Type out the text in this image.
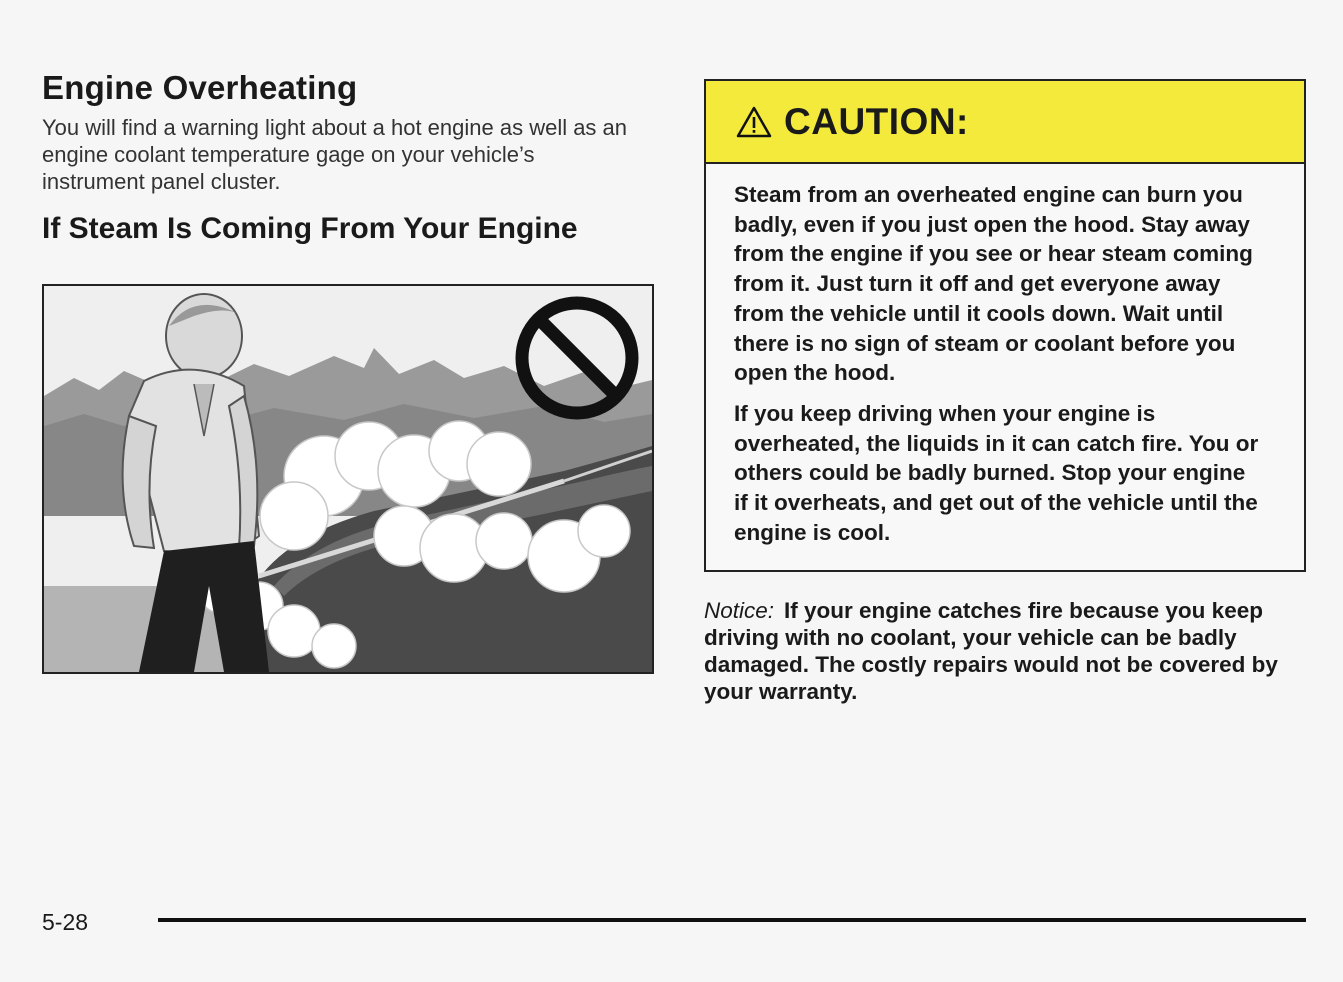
Engine Overheating

You will find a warning light about a hot engine as well as an engine coolant temperature gage on your vehicle’s instrument panel cluster.

If Steam Is Coming From Your Engine
CAUTION:

Steam from an overheated engine can burn you badly, even if you just open the hood. Stay away from the engine if you see or hear steam coming from it. Just turn it off and get everyone away from the vehicle until it cools down. Wait until there is no sign of steam or coolant before you open the hood.

If you keep driving when your engine is overheated, the liquids in it can catch fire. You or others could be badly burned. Stop your engine if it overheats, and get out of the vehicle until the engine is cool.

Notice: If your engine catches fire because you keep driving with no coolant, your vehicle can be badly damaged. The costly repairs would not be covered by your warranty.

5-28
